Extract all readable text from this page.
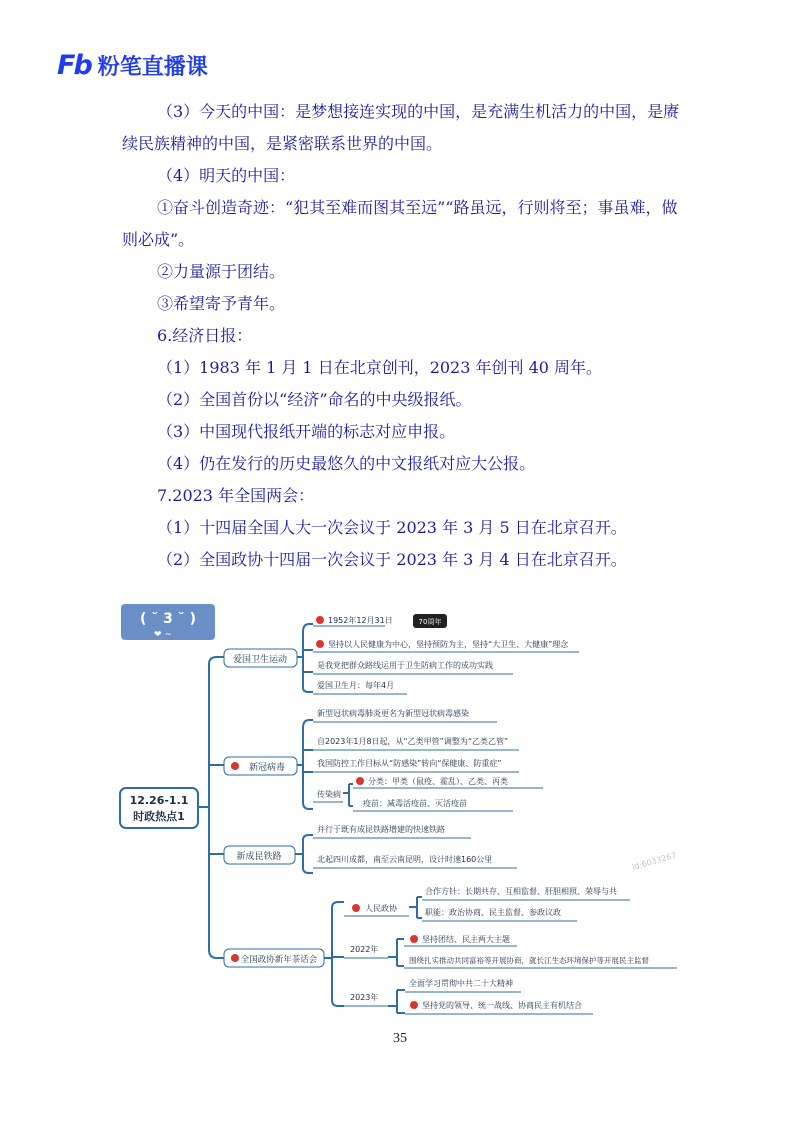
Fb 粉笔直播课

（3）今天的中国：是梦想接连实现的中国，是充满生机活力的中国，是赓续民族精神的中国，是紧密联系世界的中国。

（4）明天的中国：

①奋斗创造奇迹：“犯其至难而图其至远”“路虽远，行则将至；事虽难，做则必成”。

②力量源于团结。

③希望寄予青年。

6.经济日报：

（1）1983 年 1 月 1 日在北京创刊，2023 年创刊 40 周年。

（2）全国首份以“经济”命名的中央级报纸。

（3）中国现代报纸开端的标志对应申报。

（4）仍在发行的历史最悠久的中文报纸对应大公报。

7.2023 年全国两会：

（1）十四届全国人大一次会议于 2023 年 3 月 5 日在北京召开。

（2）全国政协十四届一次会议于 2023 年 3 月 4 日在北京召开。

( ˘ 3 ˘ )
❤ ~
12.26-1.1
时政热点1
爱国卫生运动
1952年12月31日	70周年
坚持以人民健康为中心，坚持预防为主，坚持“大卫生、大健康”理念
是我党把群众路线运用于卫生防病工作的成功实践
爱国卫生月：每年4月
新冠病毒
新型冠状病毒肺炎更名为新型冠状病毒感染
自2023年1月8日起，从“乙类甲管”调整为“乙类乙管”
我国防控工作目标从“防感染”转向“保健康、防重症”
传染病
分类：甲类（鼠疫、霍乱）、乙类、丙类
疫苗：减毒活疫苗、灭活疫苗
新成昆铁路
并行于既有成昆铁路增建的快速铁路
北起四川成都，南至云南昆明，设计时速160公里	id:6033267
全国政协新年茶话会
人民政协
合作方针：长期共存、互相监督、肝胆相照、荣辱与共
职能：政治协商、民主监督、参政议政
2022年
坚持团结、民主两大主题
围绕扎实推动共同富裕等开展协商，就长江生态环境保护等开展民主监督
2023年
全面学习贯彻中共二十大精神
坚持党的领导、统一战线、协商民主有机结合
35
